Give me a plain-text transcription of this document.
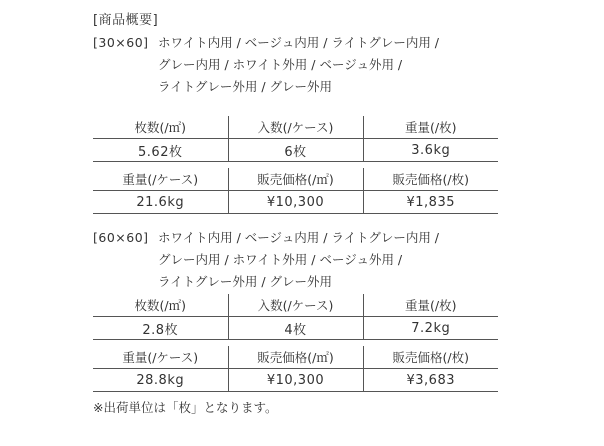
[商品概要]
[30×60] ホワイト内用 / ベージュ内用 / ライトグレー内用 /
グレー内用 / ホワイト外用 / ベージュ外用 /
ライトグレー外用 / グレー外用
枚数(/㎡)	入数(/ケース)	重量(/枚)
5.62枚	6枚	3.6kg
重量(/ケース)	販売価格(/㎡)	販売価格(/枚)
21.6kg	¥10,300	¥1,835
[60×60] ホワイト内用 / ベージュ内用 / ライトグレー内用 /
グレー内用 / ホワイト外用 / ベージュ外用 /
ライトグレー外用 / グレー外用
枚数(/㎡)	入数(/ケース)	重量(/枚)
2.8枚	4枚	7.2kg
重量(/ケース)	販売価格(/㎡)	販売価格(/枚)
28.8kg	¥10,300	¥3,683
※出荷単位は「枚」となります。
